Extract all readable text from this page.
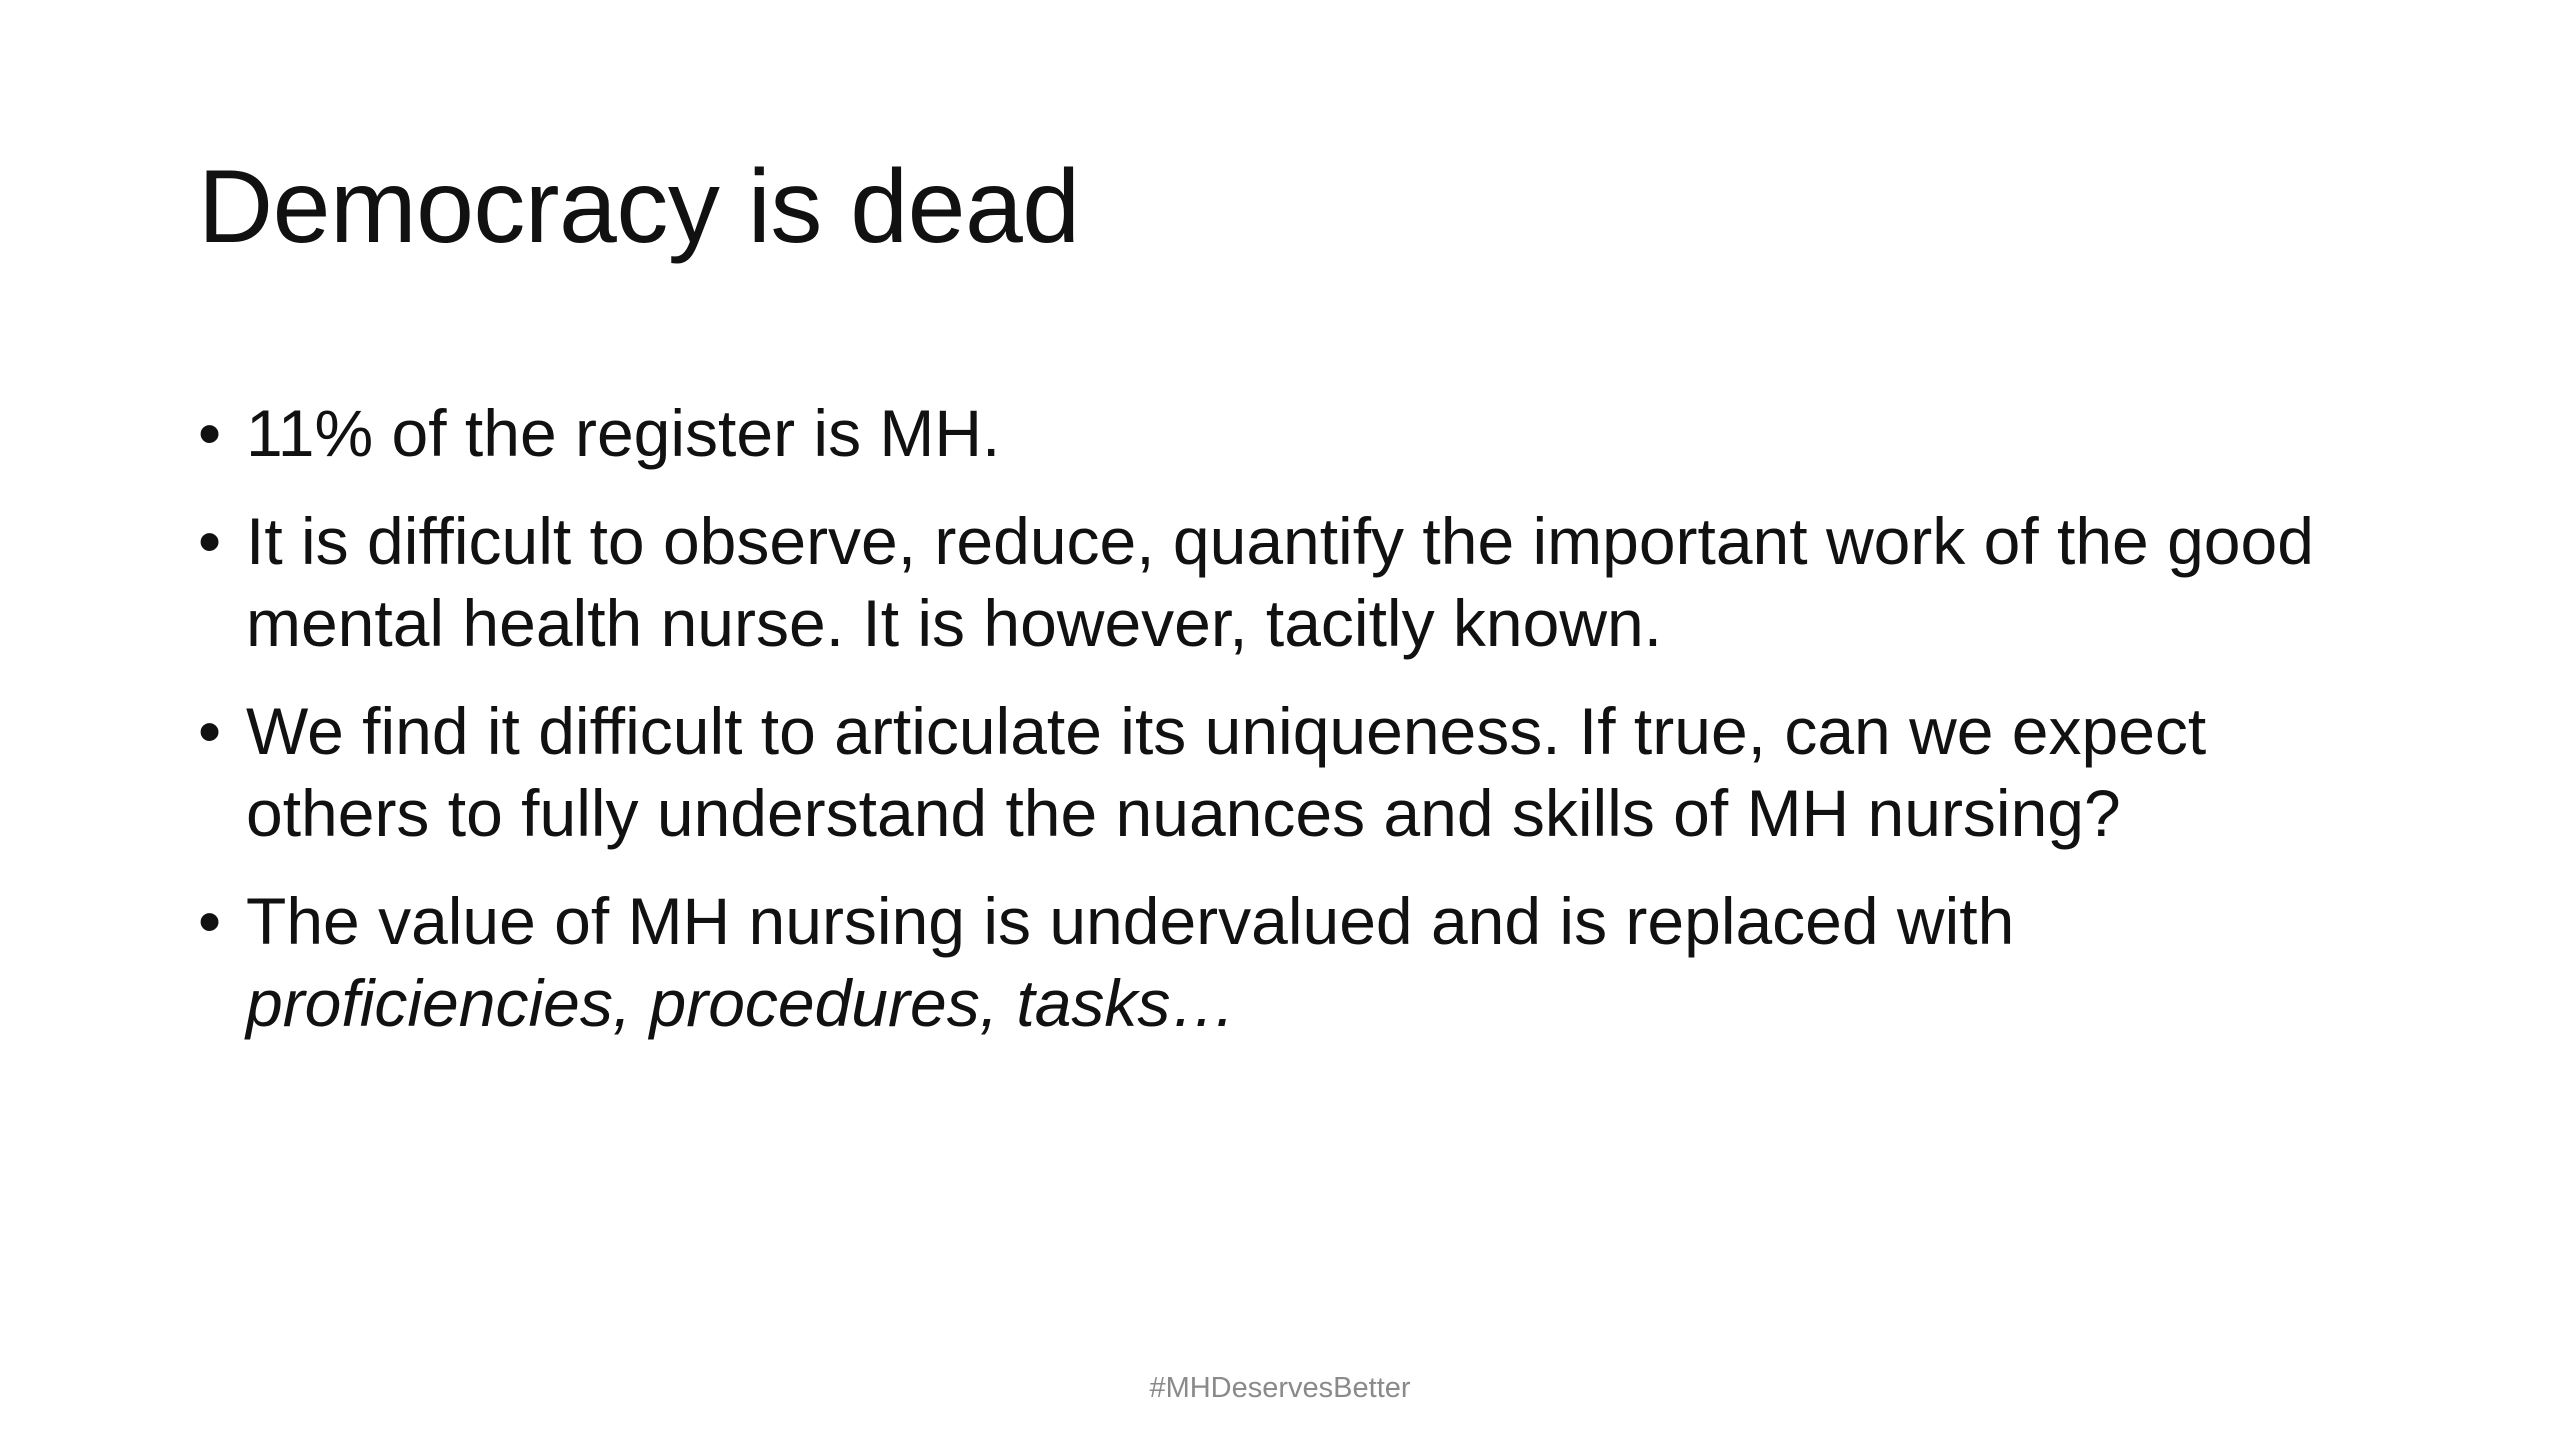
Democracy is dead
• 11% of the register is MH.
• It is difficult to observe, reduce, quantify the important work of the good mental health nurse. It is however, tacitly known.
• We find it difficult to articulate its uniqueness. If true, can we expect others to fully understand the nuances and skills of MH nursing?
• The value of MH nursing is undervalued and is replaced with proficiencies, procedures, tasks…
#MHDeservesBetter
